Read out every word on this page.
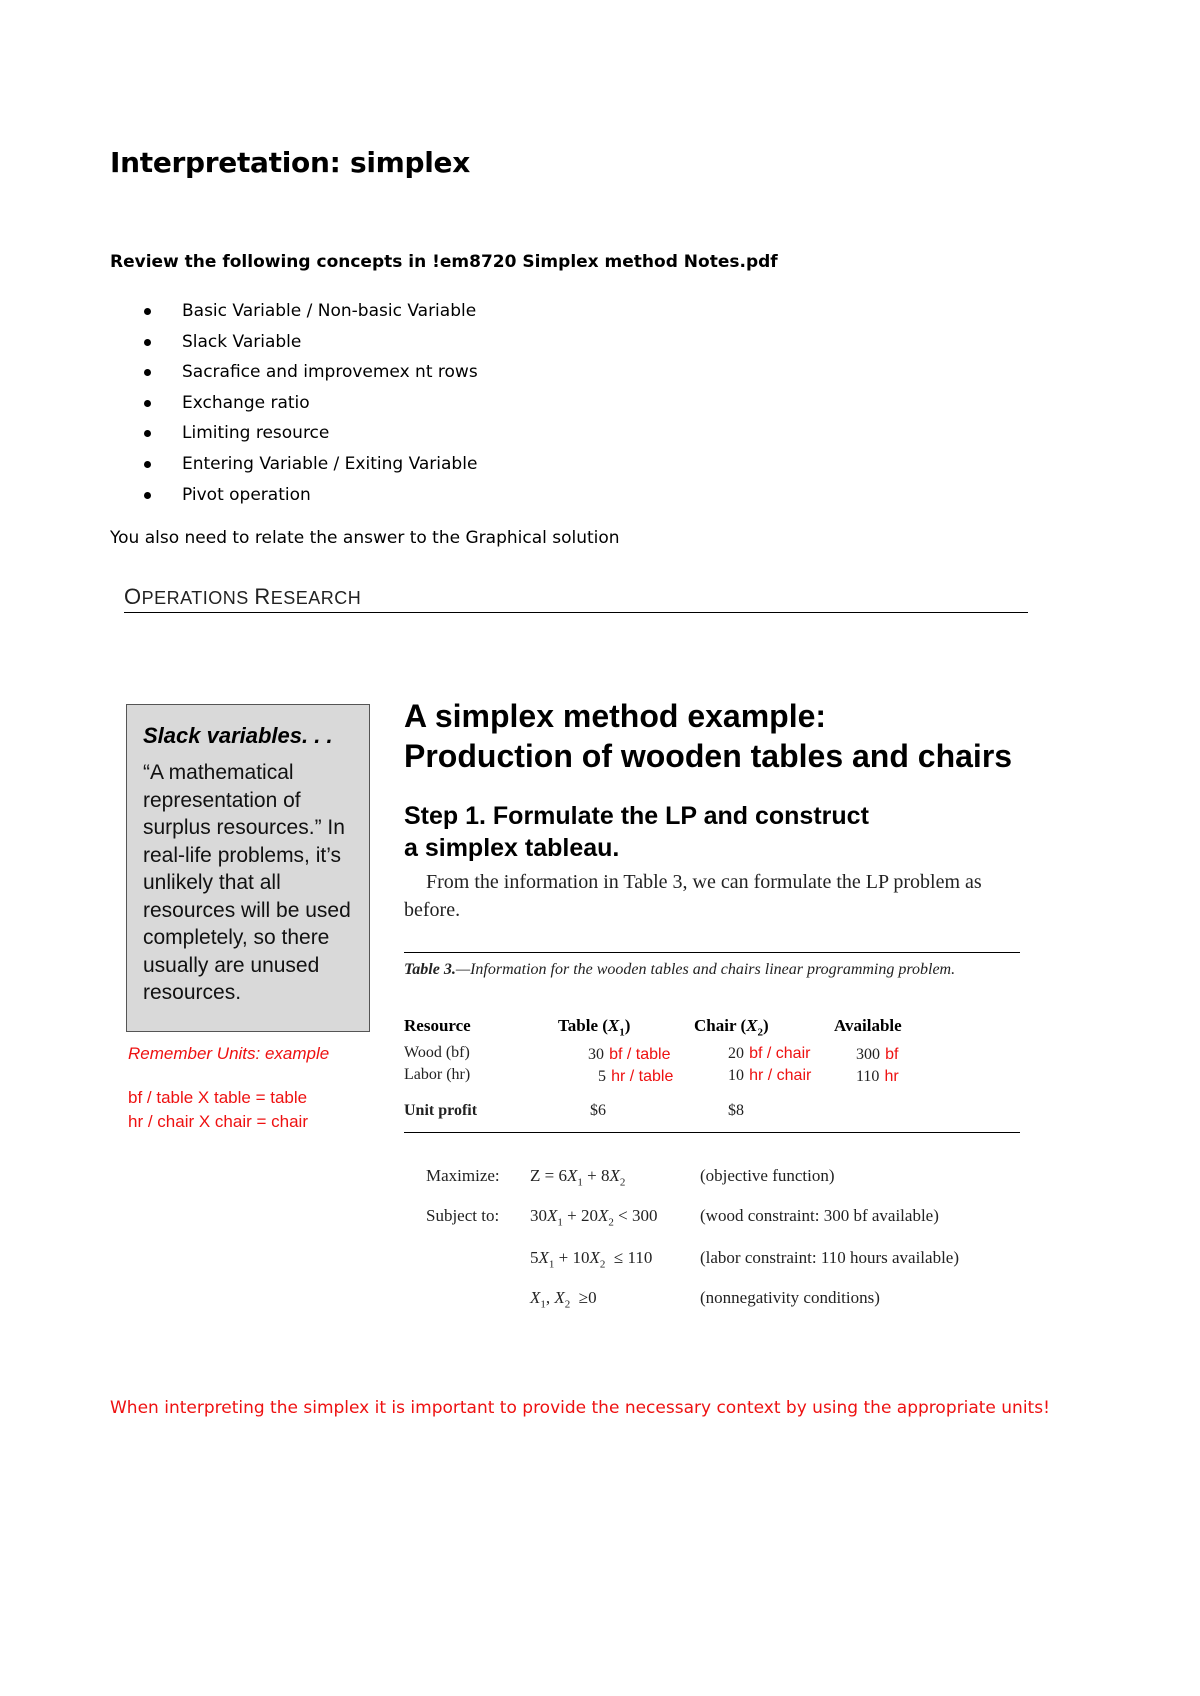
Interpretation: simplex
Review the following concepts in !em8720 Simplex method Notes.pdf
Basic Variable / Non-basic Variable
Slack Variable
Sacrafice and improvemex nt rows
Exchange ratio
Limiting resource
Entering Variable / Exiting Variable
Pivot operation
You also need to relate the answer to the Graphical solution
OPERATIONS RESEARCH
Slack variables. . .
“A mathematical representation of surplus resources.” In real-life problems, it’s unlikely that all resources will be used completely, so there usually are unused resources.
Remember Units: example
bf / table X table = table
hr / chair X chair = chair
A simplex method example:
Production of wooden tables and chairs
Step 1. Formulate the LP and construct
a simplex tableau.
From the information in Table 3, we can formulate the LP problem as before.
Table 3.—Information for the wooden tables and chairs linear programming problem.
Resource	Table $(X_1)$	Chair $(X_2)$	Available
Wood (bf)	30 bf / table	20 bf / chair	300 bf
Labor (hr)	5 hr / table	10 hr / chair	110 hr
Unit profit	$6	$8
Maximize: $Z = 6X_1 + 8X_2$	(objective function)
Subject to: $30X_1 + 20X_2 < 300$	(wood constraint: 300 bf available)
$5X_1 + 10X_2 \le 110$	(labor constraint: 110 hours available)
$X_1$, $X_2 \ge 0$	(nonnegativity conditions)
When interpreting the simplex it is important to provide the necessary context by using the appropriate units!
